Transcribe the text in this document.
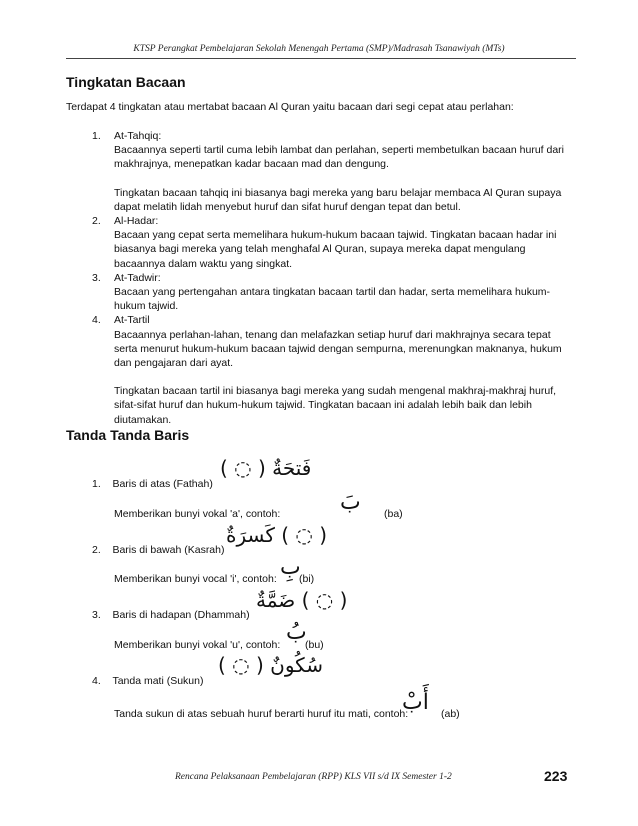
KTSP Perangkat Pembelajaran Sekolah Menengah Pertama (SMP)/Madrasah Tsanawiyah (MTs)
Tingkatan Bacaan
Terdapat 4 tingkatan atau mertabat bacaan Al Quran yaitu bacaan dari segi cepat atau perlahan:
1. At-Tahqiq:
Bacaannya seperti tartil cuma lebih lambat dan perlahan, seperti membetulkan bacaan huruf dari
makhrajnya, menepatkan kadar bacaan mad dan dengung.
Tingkatan bacaan tahqiq ini biasanya bagi mereka yang baru belajar membaca Al Quran supaya
dapat melatih lidah menyebut huruf dan sifat huruf dengan tepat dan betul.
2. Al-Hadar:
Bacaan yang cepat serta memelihara hukum-hukum bacaan tajwid. Tingkatan bacaan hadar ini
biasanya bagi mereka yang telah menghafal Al Quran, supaya mereka dapat mengulang
bacaannya dalam waktu yang singkat.
3. At-Tadwir:
Bacaan yang pertengahan antara tingkatan bacaan tartil dan hadar, serta memelihara hukum-
hukum tajwid.
4. At-Tartil
Bacaannya perlahan-lahan, tenang dan melafazkan setiap huruf dari makhrajnya secara tepat
serta menurut hukum-hukum bacaan tajwid dengan sempurna, merenungkan maknanya, hukum
dan pengajaran dari ayat.
Tingkatan bacaan tartil ini biasanya bagi mereka yang sudah mengenal makhraj-makhraj huruf,
sifat-sifat huruf dan hukum-hukum tajwid. Tingkatan bacaan ini adalah lebih baik dan lebih
diutamakan.
Tanda Tanda Baris
1. Baris di atas (Fathah)
فَتحَةٌ ( ◌ )
Memberikan bunyi vokal 'a', contoh:	بَ (ba)
2. Baris di bawah (Kasrah)
( ◌ ) كَسرَةٌ
Memberikan bunyi vocal 'i', contoh: بِ
(bi)
3. Baris di hadapan (Dhammah)
( ◌ ) ضَمَّةٌ
Memberikan bunyi vokal 'u', contoh: بُ
(bu)
4. Tanda mati (Sukun)
سُكُونٌ ( ◌ )
Tanda sukun di atas sebuah huruf berarti huruf itu mati, contoh:
أَبْ (ab)
Rencana Pelaksanaan Pembelajaran (RPP) KLS VII s/d IX Semester 1-2	223
